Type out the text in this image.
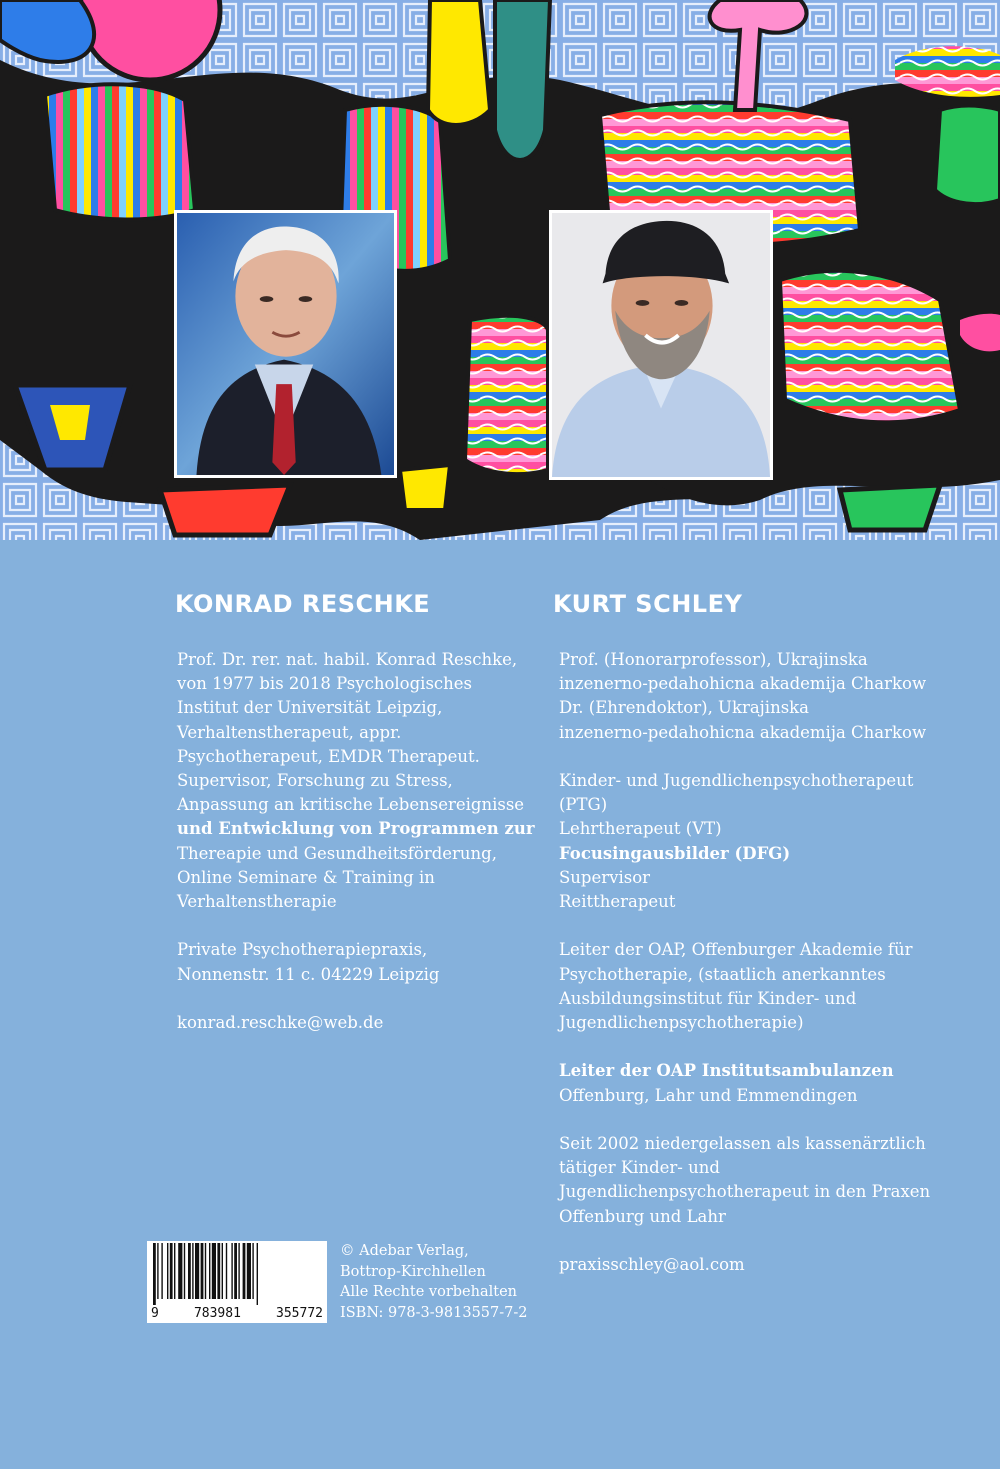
KONRAD RESCHKE	KURT SCHLEY

Prof. Dr. rer. nat. habil. Konrad Reschke,
von 1977 bis 2018 Psychologisches
Institut der Universität Leipzig,
Verhaltenstherapeut, appr.
Psychotherapeut, EMDR Therapeut.
Supervisor, Forschung zu Stress,
Anpassung an kritische Lebensereignisse
und Entwicklung von Programmen zur
Thereapie und Gesundheitsförderung,
Online Seminare & Training in
Verhaltenstherapie

Private Psychotherapiepraxis,
Nonnenstr. 11 c. 04229 Leipzig

konrad.reschke@web.de

Prof. (Honorarprofessor), Ukrajinska
inzenerno-pedahohicna akademija Charkow
Dr. (Ehrendoktor), Ukrajinska
inzenerno-pedahohicna akademija Charkow

Kinder- und Jugendlichenpsychotherapeut
(PTG)
Lehrtherapeut (VT)
Focusingausbilder (DFG)
Supervisor
Reittherapeut

Leiter der OAP, Offenburger Akademie für
Psychotherapie, (staatlich anerkanntes
Ausbildungsinstitut für Kinder- und
Jugendlichenpsychotherapie)

Leiter der OAP Institutsambulanzen
Offenburg, Lahr und Emmendingen

Seit 2002 niedergelassen als kassenärztlich
tätiger Kinder- und
Jugendlichenpsychotherapeut in den Praxen
Offenburg und Lahr

praxisschley@aol.com

9	783981	355772
© Adebar Verlag,
Bottrop-Kirchhellen
Alle Rechte vorbehalten
ISBN: 978-3-9813557-7-2
